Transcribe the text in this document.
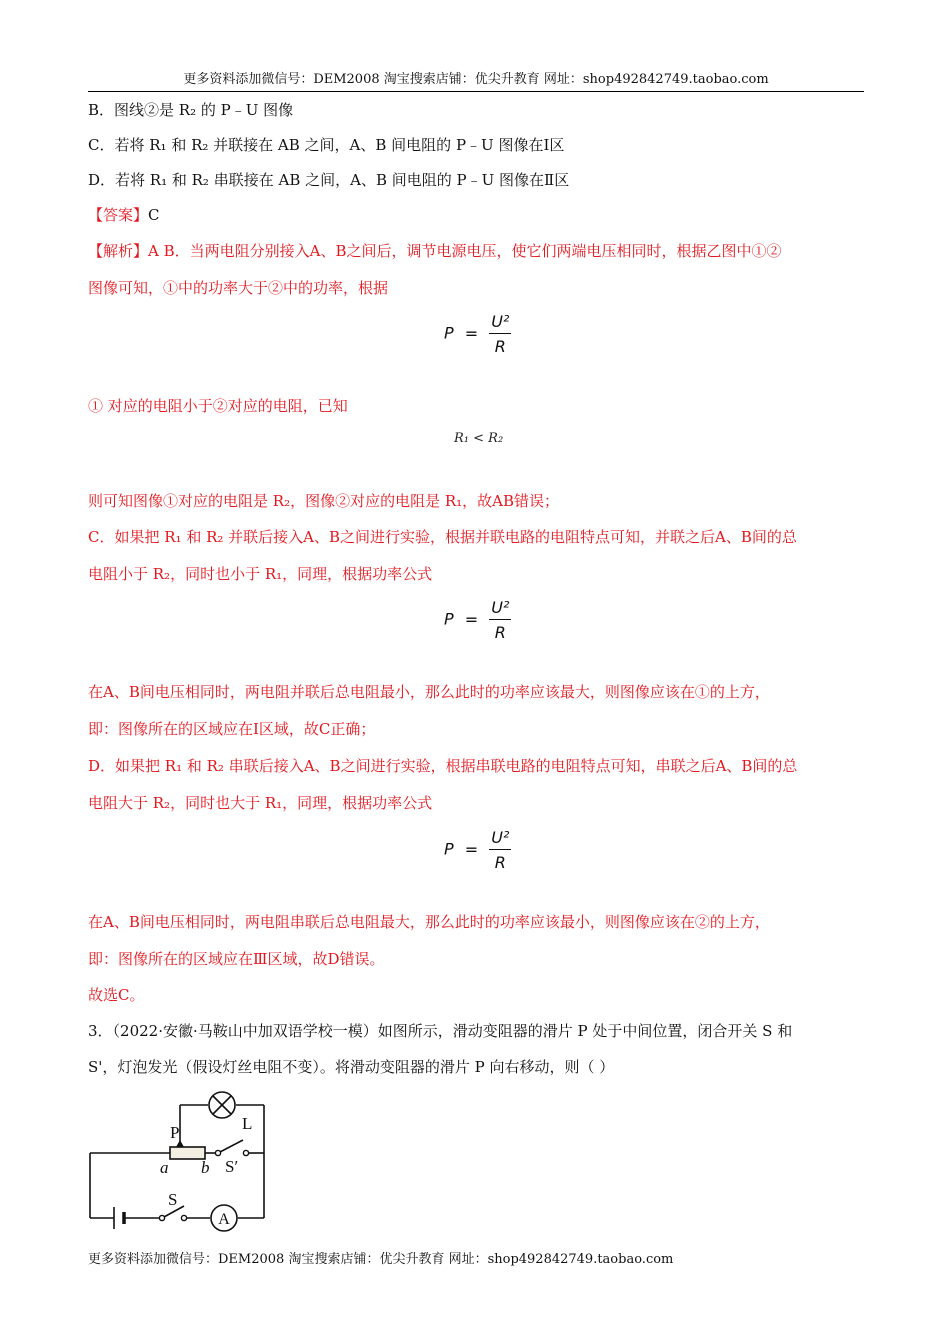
更多资料添加微信号：DEM2008 淘宝搜索店铺：优尖升教育 网址：shop492842749.taobao.com
B．图线②是 R₂ 的 P﹣U 图像
C．若将 R₁ 和 R₂ 并联接在 AB 之间，A、B 间电阻的 P﹣U 图像在Ⅰ区
D．若将 R₁ 和 R₂ 串联接在 AB 之间，A、B 间电阻的 P﹣U 图像在Ⅱ区
【答案】C
【解析】A B．当两电阻分别接入A、B之间后，调节电源电压，使它们两端电压相同时，根据乙图中①②
图像可知，①中的功率大于②中的功率，根据
$P = \frac{\text{U²}}{R}$
① 对应的电阻小于②对应的电阻，已知
R₁ < R₂
则可知图像①对应的电阻是 R₂，图像②对应的电阻是 R₁，故AB错误；
C．如果把 R₁ 和 R₂ 并联后接入A、B之间进行实验，根据并联电路的电阻特点可知，并联之后A、B间的总
电阻小于 R₂，同时也小于 R₁，同理，根据功率公式
$P = \frac{\text{U²}}{R}$
在A、B间电压相同时，两电阻并联后总电阻最小，那么此时的功率应该最大，则图像应该在①的上方，
即：图像所在的区域应在Ⅰ区域，故C正确；
D．如果把 R₁ 和 R₂ 串联后接入A、B之间进行实验，根据串联电路的电阻特点可知，串联之后A、B间的总
电阻大于 R₂，同时也大于 R₁，同理，根据功率公式
$P = \frac{\text{U²}}{R}$
在A、B间电压相同时，两电阻串联后总电阻最大，那么此时的功率应该最小，则图像应该在②的上方，
即：图像所在的区域应在Ⅲ区域，故D错误。
故选C。
3．（2022·安徽·马鞍山中加双语学校一模）如图所示，滑动变阻器的滑片 P 处于中间位置，闭合开关 S 和
S'，灯泡发光（假设灯丝电阻不变）。将滑动变阻器的滑片 P 向右移动，则（ ）
A
P	L
a b S′
S
更多资料添加微信号：DEM2008 淘宝搜索店铺：优尖升教育 网址：shop492842749.taobao.com
